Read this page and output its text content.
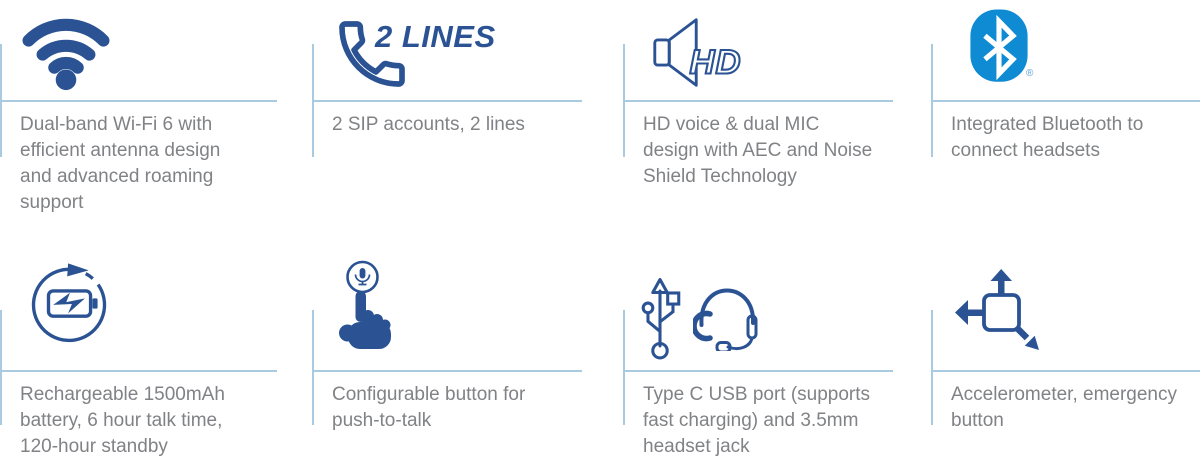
Dual-band Wi-Fi 6 with efficient antenna design and advanced roaming support

2 LINES

2 SIP accounts, 2 lines

HD

HD voice & dual MIC design with AEC and Noise Shield Technology

®

Integrated Bluetooth to connect headsets

Rechargeable 1500mAh battery, 6 hour talk time, 120-hour standby

Configurable button for push-to-talk

Type C USB port (supports fast charging) and 3.5mm headset jack

Accelerometer, emergency button
